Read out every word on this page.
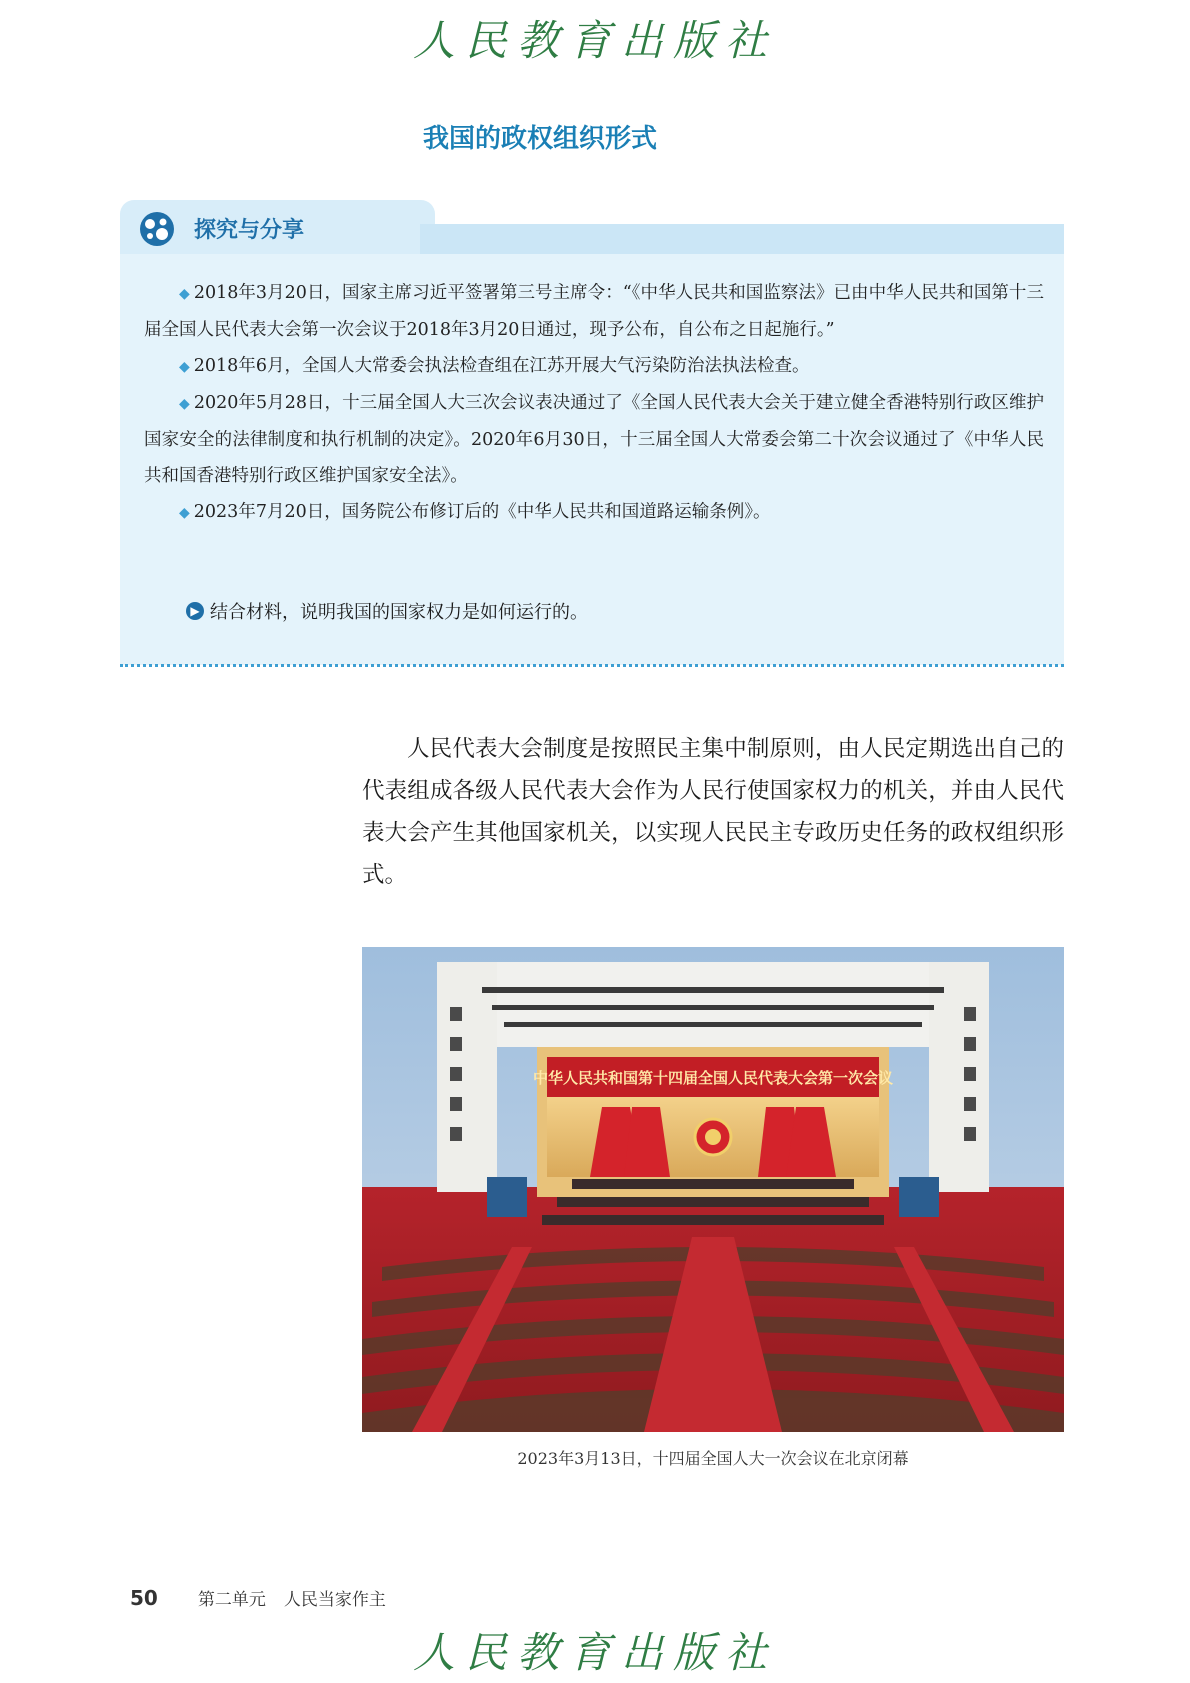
人民教育出版社
我国的政权组织形式
探究与分享

◆ 2018年3月20日，国家主席习近平签署第三号主席令：“《中华人民共和国监察法》已由中华人民共和国第十三届全国人民代表大会第一次会议于2018年3月20日通过，现予公布，自公布之日起施行。”

◆ 2018年6月，全国人大常委会执法检查组在江苏开展大气污染防治法执法检查。

◆ 2020年5月28日，十三届全国人大三次会议表决通过了《全国人民代表大会关于建立健全香港特别行政区维护国家安全的法律制度和执行机制的决定》。2020年6月30日，十三届全国人大常委会第二十次会议通过了《中华人民共和国香港特别行政区维护国家安全法》。

◆ 2023年7月20日，国务院公布修订后的《中华人民共和国道路运输条例》。

▶ 结合材料，说明我国的国家权力是如何运行的。

人民代表大会制度是按照民主集中制原则，由人民定期选出自己的代表组成各级人民代表大会作为人民行使国家权力的机关，并由人民代表大会产生其他国家机关，以实现人民民主专政历史任务的政权组织形式。

中华人民共和国第十四届全国人民代表大会第一次会议
2023年3月13日，十四届全国人大一次会议在北京闭幕
50 第二单元 人民当家作主
人民教育出版社
